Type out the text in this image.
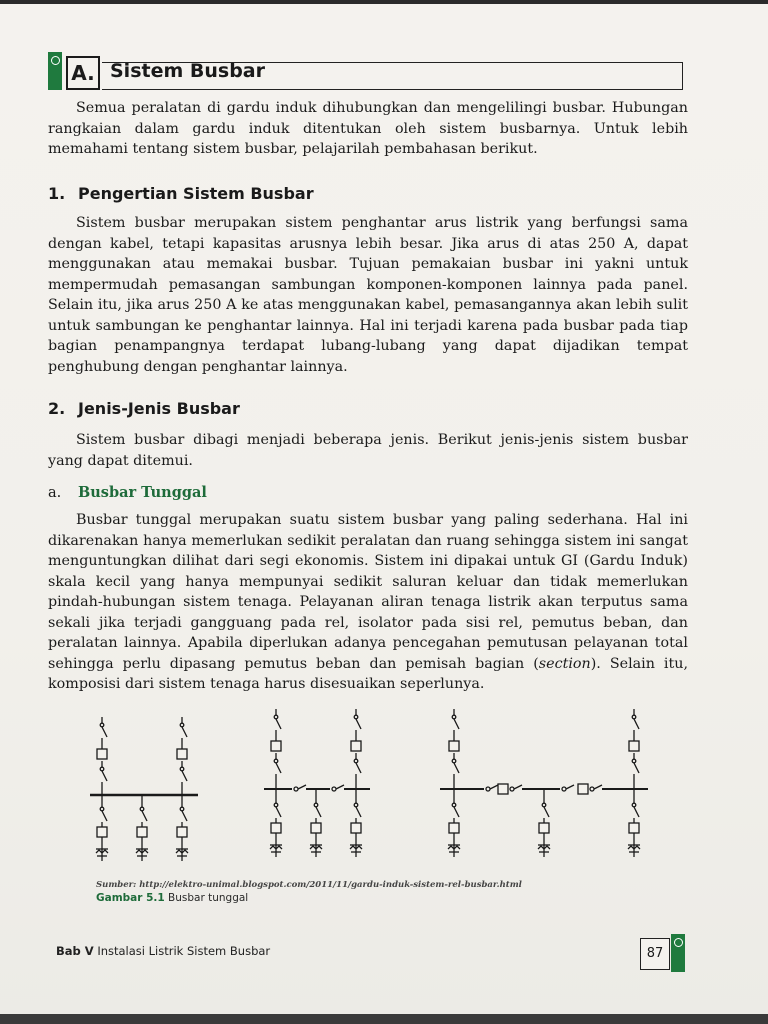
A. Sistem Busbar
Semua peralatan di gardu induk dihubungkan dan mengelilingi busbar. Hubungan rangkaian dalam gardu induk ditentukan oleh sistem busbarnya. Untuk lebih memahami tentang sistem busbar, pelajarilah pembahasan berikut.
1. Pengertian Sistem Busbar
Sistem busbar merupakan sistem penghantar arus listrik yang berfungsi sama dengan kabel, tetapi kapasitas arusnya lebih besar. Jika arus di atas 250 A, dapat menggunakan atau memakai busbar. Tujuan pemakaian busbar ini yakni untuk mempermudah pemasangan sambungan komponen-komponen lainnya pada panel. Selain itu, jika arus 250 A ke atas menggunakan kabel, pemasangannya akan lebih sulit untuk sambungan ke penghantar lainnya. Hal ini terjadi karena pada busbar pada tiap bagian penampangnya terdapat lubang-lubang yang dapat dijadikan tempat penghubung dengan penghantar lainnya.
2. Jenis-Jenis Busbar
Sistem busbar dibagi menjadi beberapa jenis. Berikut jenis-jenis sistem busbar yang dapat ditemui.
a. Busbar Tunggal
Busbar tunggal merupakan suatu sistem busbar yang paling sederhana. Hal ini dikarenakan hanya memerlukan sedikit peralatan dan ruang sehingga sistem ini sangat menguntungkan dilihat dari segi ekonomis. Sistem ini dipakai untuk GI (Gardu Induk) skala kecil yang hanya mempunyai sedikit saluran keluar dan tidak memerlukan pindah-hubungan sistem tenaga. Pelayanan aliran tenaga listrik akan terputus sama sekali jika terjadi gangguang pada rel, isolator pada sisi rel, pemutus beban, dan peralatan lainnya. Apabila diperlukan adanya pencegahan pemutusan pelayanan total sehingga perlu dipasang pemutus beban dan pemisah bagian (section). Selain itu, komposisi dari sistem tenaga harus disesuaikan seperlunya.
Sumber: http://elektro-unimal.blogspot.com/2011/11/gardu-induk-sistem-rel-busbar.html
Gambar 5.1 Busbar tunggal
Bab V Instalasi Listrik Sistem Busbar	87
